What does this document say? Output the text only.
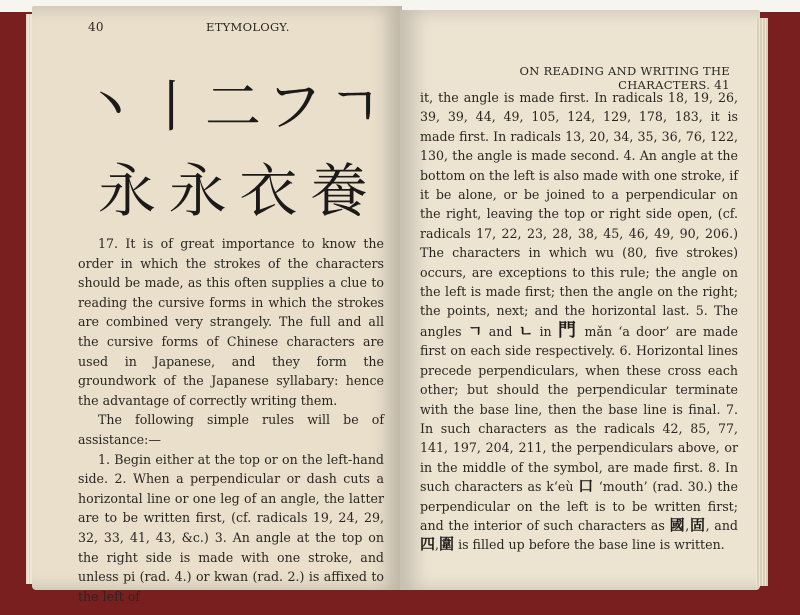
40	ETYMOLOGY.
丶 丨 二 フ ㄱ
永 永 衣 養

17. It is of great importance to know the order in which the strokes of the characters should be made, as this often supplies a clue to reading the cursive forms in which the strokes are combined very strangely. The full and all the cursive forms of Chinese characters are used in Japanese, and they form the groundwork of the Japanese syllabary: hence the advantage of correctly writing them.

The following simple rules will be of assistance:—

1. Begin either at the top or on the left-hand side. 2. When a perpendicular or dash cuts a horizontal line or one leg of an angle, the latter are to be written first, (cf. radicals 19, 24, 29, 32, 33, 41, 43, &c.) 3. An angle at the top on the right side is made with one stroke, and unless pi (rad. 4.) or kwan (rad. 2.) is affixed to the left of

ON READING AND WRITING THE CHARACTERS. 41

it, the angle is made first. In radicals 18, 19, 26, 39, 39, 44, 49, 105, 124, 129, 178, 183, it is made first. In radicals 13, 20, 34, 35, 36, 76, 122, 130, the angle is made second. 4. An angle at the bottom on the left is also made with one stroke, if it be alone, or be joined to a perpendicular on the right, leaving the top or right side open, (cf. radicals 17, 22, 23, 28, 38, 45, 46, 49, 90, 206.) The characters in which wu (80, five strokes) occurs, are exceptions to this rule; the angle on the left is made first; then the angle on the right; the points, next; and the horizontal last. 5. The angles ㄱ and ㄴ in 門 mǎn ‘a door’ are made first on each side respectively. 6. Horizontal lines precede perpendiculars, when these cross each other; but should the perpendicular terminate with the base line, then the base line is final. 7. In such characters as the radicals 42, 85, 77, 141, 197, 204, 211, the perpendiculars above, or in the middle of the symbol, are made first. 8. In such characters as k‘eù 口 ‘mouth’ (rad. 30.) the perpendicular on the left is to be written first; and the interior of such characters as 國,固, and 四,圍 is filled up before the base line is written.
